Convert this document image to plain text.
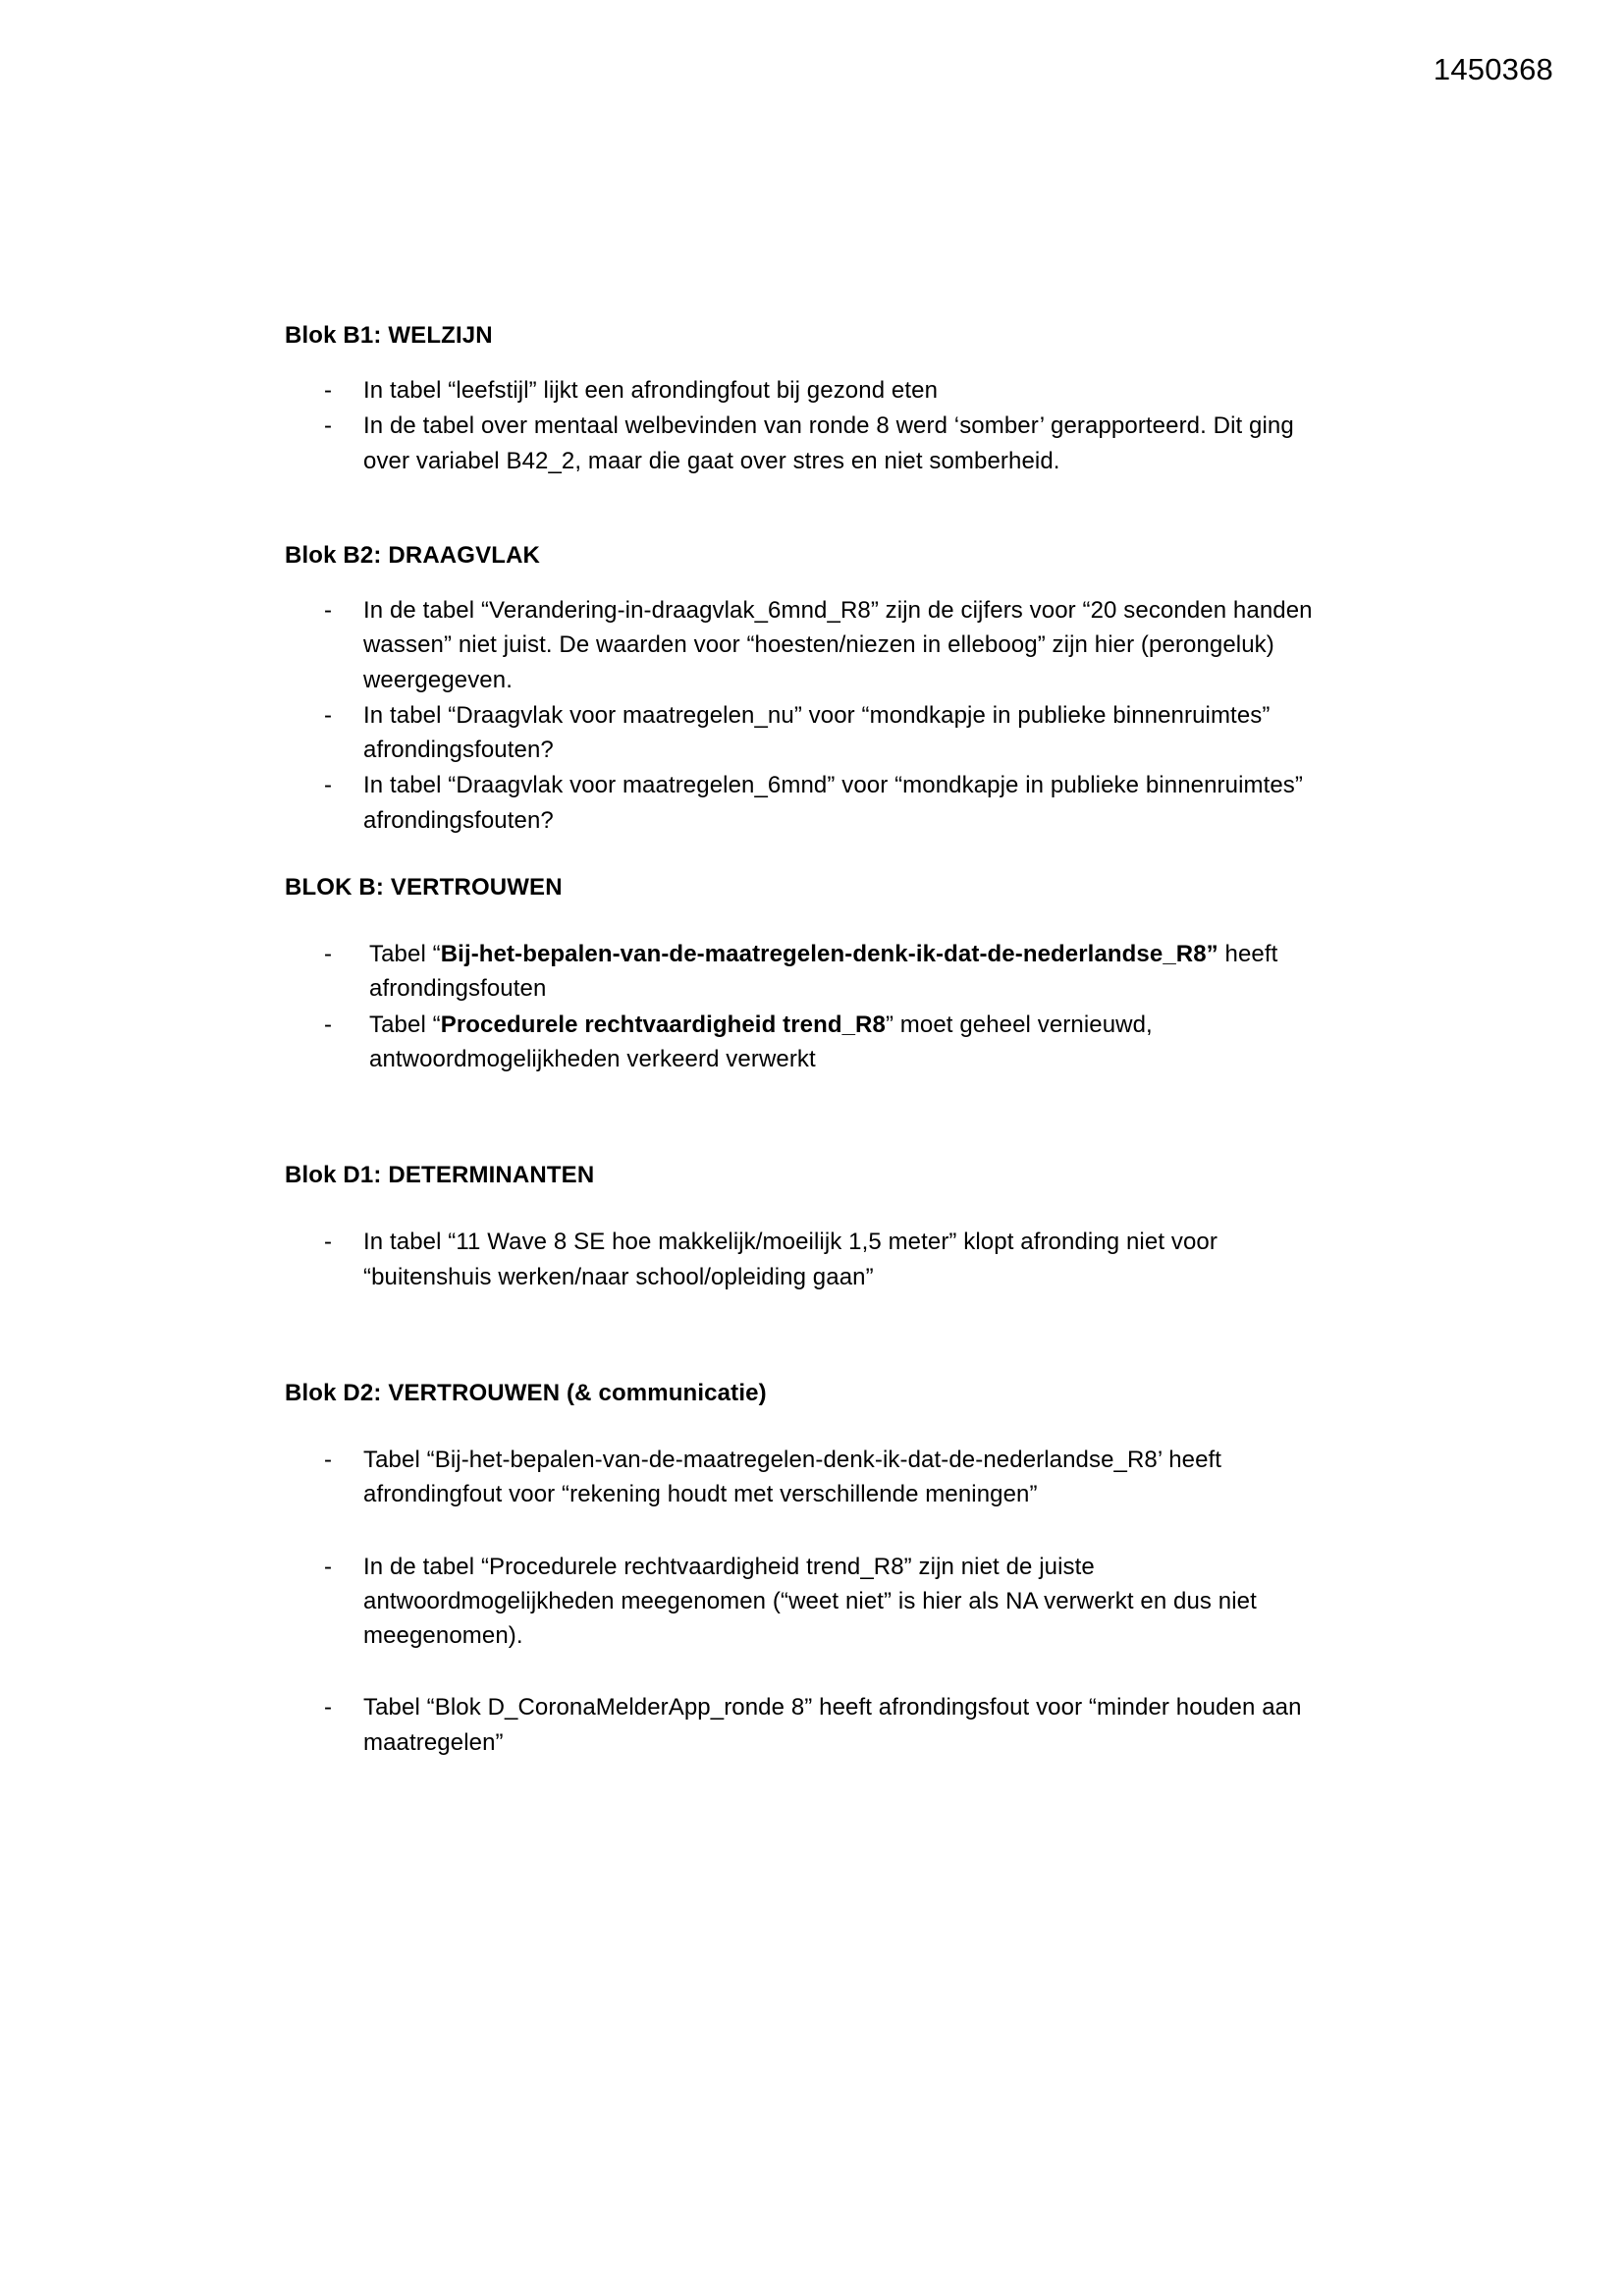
1450368

Blok B1: WELZIJN

-	In tabel “leefstijl” lijkt een afrondingfout bij gezond eten
-	In de tabel over mentaal welbevinden van ronde 8 werd ‘somber’ gerapporteerd. Dit ging over variabel B42_2, maar die gaat over stres en niet somberheid.

Blok B2: DRAAGVLAK

-	In de tabel “Verandering-in-draagvlak_6mnd_R8” zijn de cijfers voor “20 seconden handen wassen” niet juist. De waarden voor “hoesten/niezen in elleboog” zijn hier (perongeluk) weergegeven.
-	In tabel “Draagvlak voor maatregelen_nu” voor “mondkapje in publieke binnenruimtes” afrondingsfouten?
-	In tabel “Draagvlak voor maatregelen_6mnd” voor “mondkapje in publieke binnenruimtes” afrondingsfouten?

BLOK B: VERTROUWEN

-	Tabel “Bij-het-bepalen-van-de-maatregelen-denk-ik-dat-de-nederlandse_R8” heeft afrondingsfouten
-	Tabel “Procedurele rechtvaardigheid trend_R8” moet geheel vernieuwd, antwoordmogelijkheden verkeerd verwerkt

Blok D1: DETERMINANTEN

-	In tabel “11 Wave 8 SE hoe makkelijk/moeilijk 1,5 meter” klopt afronding niet voor “buitenshuis werken/naar school/opleiding gaan”

Blok D2: VERTROUWEN (& communicatie)

-	Tabel “Bij-het-bepalen-van-de-maatregelen-denk-ik-dat-de-nederlandse_R8’ heeft afrondingfout voor “rekening houdt met verschillende meningen”
-	In de tabel “Procedurele rechtvaardigheid trend_R8” zijn niet de juiste antwoordmogelijkheden meegenomen (“weet niet” is hier als NA verwerkt en dus niet meegenomen).
-	Tabel “Blok D_CoronaMelderApp_ronde 8” heeft afrondingsfout voor “minder houden aan maatregelen”
